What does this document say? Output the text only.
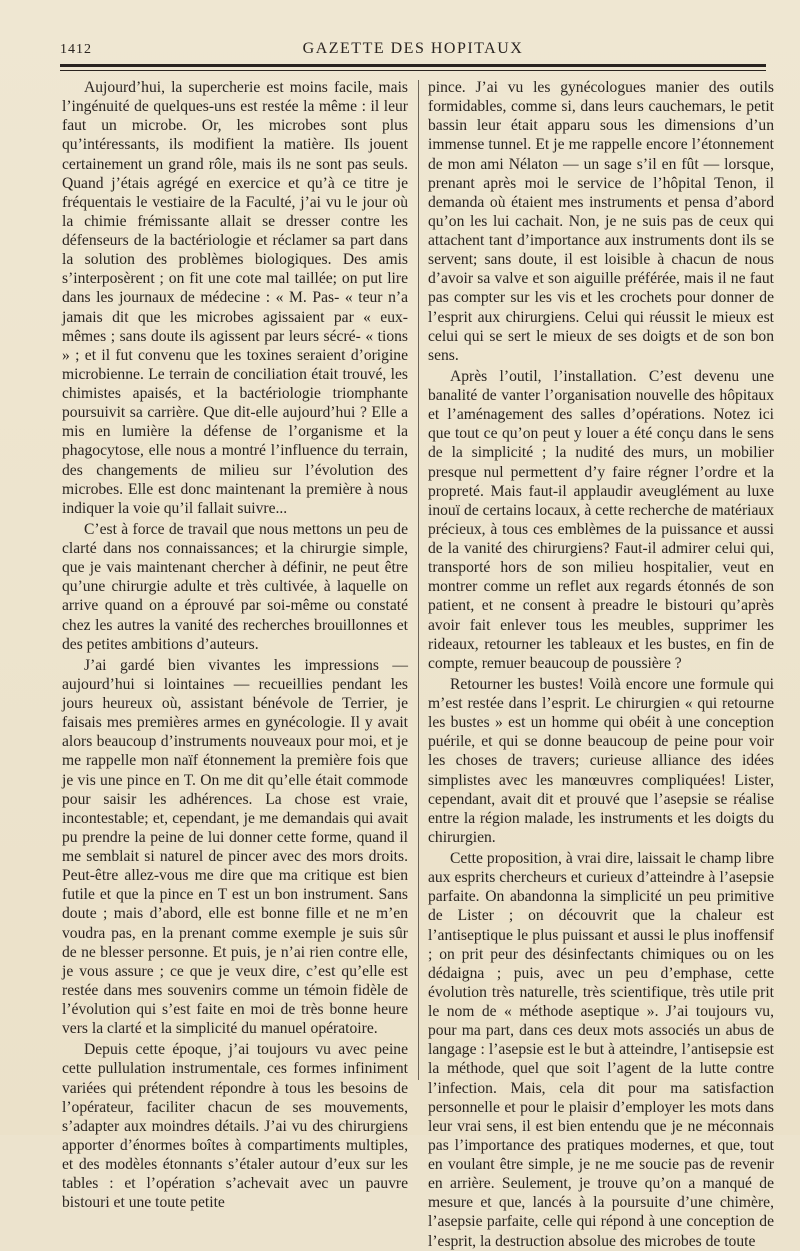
1412	GAZETTE DES HOPITAUX

Aujourd’hui, la supercherie est moins facile, mais l’ingénuité de quelques-uns est restée la même : il leur faut un microbe. Or, les microbes sont plus qu’intéressants, ils modifient la matière. Ils jouent certainement un grand rôle, mais ils ne sont pas seuls. Quand j’étais agrégé en exercice et qu’à ce titre je fréquentais le vestiaire de la Faculté, j’ai vu le jour où la chimie frémissante allait se dresser contre les défenseurs de la bactériologie et réclamer sa part dans la solution des problèmes biologiques. Des amis s’interposèrent ; on fit une cote mal taillée; on put lire dans les journaux de médecine : « M. Pas- « teur n’a jamais dit que les microbes agissaient par « eux-mêmes ; sans doute ils agissent par leurs sécré- « tions » ; et il fut convenu que les toxines seraient d’origine microbienne. Le terrain de conciliation était trouvé, les chimistes apaisés, et la bactériologie triomphante poursuivit sa carrière. Que dit-elle aujourd’hui ? Elle a mis en lumière la défense de l’organisme et la phagocytose, elle nous a montré l’influence du terrain, des changements de milieu sur l’évolution des microbes. Elle est donc maintenant la première à nous indiquer la voie qu’il fallait suivre...

C’est à force de travail que nous mettons un peu de clarté dans nos connaissances; et la chirurgie simple, que je vais maintenant chercher à définir, ne peut être qu’une chirurgie adulte et très cultivée, à laquelle on arrive quand on a éprouvé par soi-même ou constaté chez les autres la vanité des recherches brouillonnes et des petites ambitions d’auteurs.

J’ai gardé bien vivantes les impressions — aujourd’hui si lointaines — recueillies pendant les jours heureux où, assistant bénévole de Terrier, je faisais mes premières armes en gynécologie. Il y avait alors beaucoup d’instruments nouveaux pour moi, et je me rappelle mon naïf étonnement la première fois que je vis une pince en T. On me dit qu’elle était commode pour saisir les adhérences. La chose est vraie, incontestable; et, cependant, je me demandais qui avait pu prendre la peine de lui donner cette forme, quand il me semblait si naturel de pincer avec des mors droits. Peut-être allez-vous me dire que ma critique est bien futile et que la pince en T est un bon instrument. Sans doute ; mais d’abord, elle est bonne fille et ne m’en voudra pas, en la prenant comme exemple je suis sûr de ne blesser personne. Et puis, je n’ai rien contre elle, je vous assure ; ce que je veux dire, c’est qu’elle est restée dans mes souvenirs comme un témoin fidèle de l’évolution qui s’est faite en moi de très bonne heure vers la clarté et la simplicité du manuel opératoire.

Depuis cette époque, j’ai toujours vu avec peine cette pullulation instrumentale, ces formes infiniment variées qui prétendent répondre à tous les besoins de l’opérateur, faciliter chacun de ses mouvements, s’adapter aux moindres détails. J’ai vu des chirurgiens apporter d’énormes boîtes à compartiments multiples, et des modèles étonnants s’étaler autour d’eux sur les tables : et l’opération s’achevait avec un pauvre bistouri et une toute petite

pince. J’ai vu les gynécologues manier des outils formidables, comme si, dans leurs cauchemars, le petit bassin leur était apparu sous les dimensions d’un immense tunnel. Et je me rappelle encore l’étonnement de mon ami Nélaton — un sage s’il en fût — lorsque, prenant après moi le service de l’hôpital Tenon, il demanda où étaient mes instruments et pensa d’abord qu’on les lui cachait. Non, je ne suis pas de ceux qui attachent tant d’importance aux instruments dont ils se servent; sans doute, il est loisible à chacun de nous d’avoir sa valve et son aiguille préférée, mais il ne faut pas compter sur les vis et les crochets pour donner de l’esprit aux chirurgiens. Celui qui réussit le mieux est celui qui se sert le mieux de ses doigts et de son bon sens.

Après l’outil, l’installation. C’est devenu une banalité de vanter l’organisation nouvelle des hôpitaux et l’aménagement des salles d’opérations. Notez ici que tout ce qu’on peut y louer a été conçu dans le sens de la simplicité ; la nudité des murs, un mobilier presque nul permettent d’y faire régner l’ordre et la propreté. Mais faut-il applaudir aveuglément au luxe inouï de certains locaux, à cette recherche de matériaux précieux, à tous ces emblèmes de la puissance et aussi de la vanité des chirurgiens? Faut-il admirer celui qui, transporté hors de son milieu hospitalier, veut en montrer comme un reflet aux regards étonnés de son patient, et ne consent à preadre le bistouri qu’après avoir fait enlever tous les meubles, supprimer les rideaux, retourner les tableaux et les bustes, en fin de compte, remuer beaucoup de poussière ?

Retourner les bustes! Voilà encore une formule qui m’est restée dans l’esprit. Le chirurgien « qui retourne les bustes » est un homme qui obéit à une conception puérile, et qui se donne beaucoup de peine pour voir les choses de travers; curieuse alliance des idées simplistes avec les manœuvres compliquées! Lister, cependant, avait dit et prouvé que l’asepsie se réalise entre la région malade, les instruments et les doigts du chirurgien.

Cette proposition, à vrai dire, laissait le champ libre aux esprits chercheurs et curieux d’atteindre à l’asepsie parfaite. On abandonna la simplicité un peu primitive de Lister ; on découvrit que la chaleur est l’antiseptique le plus puissant et aussi le plus inoffensif ; on prit peur des désinfectants chimiques ou on les dédaigna ; puis, avec un peu d’emphase, cette évolution très naturelle, très scientifique, très utile prit le nom de « méthode aseptique ». J’ai toujours vu, pour ma part, dans ces deux mots associés un abus de langage : l’asepsie est le but à atteindre, l’antisepsie est la méthode, quel que soit l’agent de la lutte contre l’infection. Mais, cela dit pour ma satisfaction personnelle et pour le plaisir d’employer les mots dans leur vrai sens, il est bien entendu que je ne méconnais pas l’importance des pratiques modernes, et que, tout en voulant être simple, je ne me soucie pas de revenir en arrière. Seulement, je trouve qu’on a manqué de mesure et que, lancés à la poursuite d’une chimère, l’asepsie parfaite, celle qui répond à une conception de l’esprit, la destruction absolue des microbes de toute
